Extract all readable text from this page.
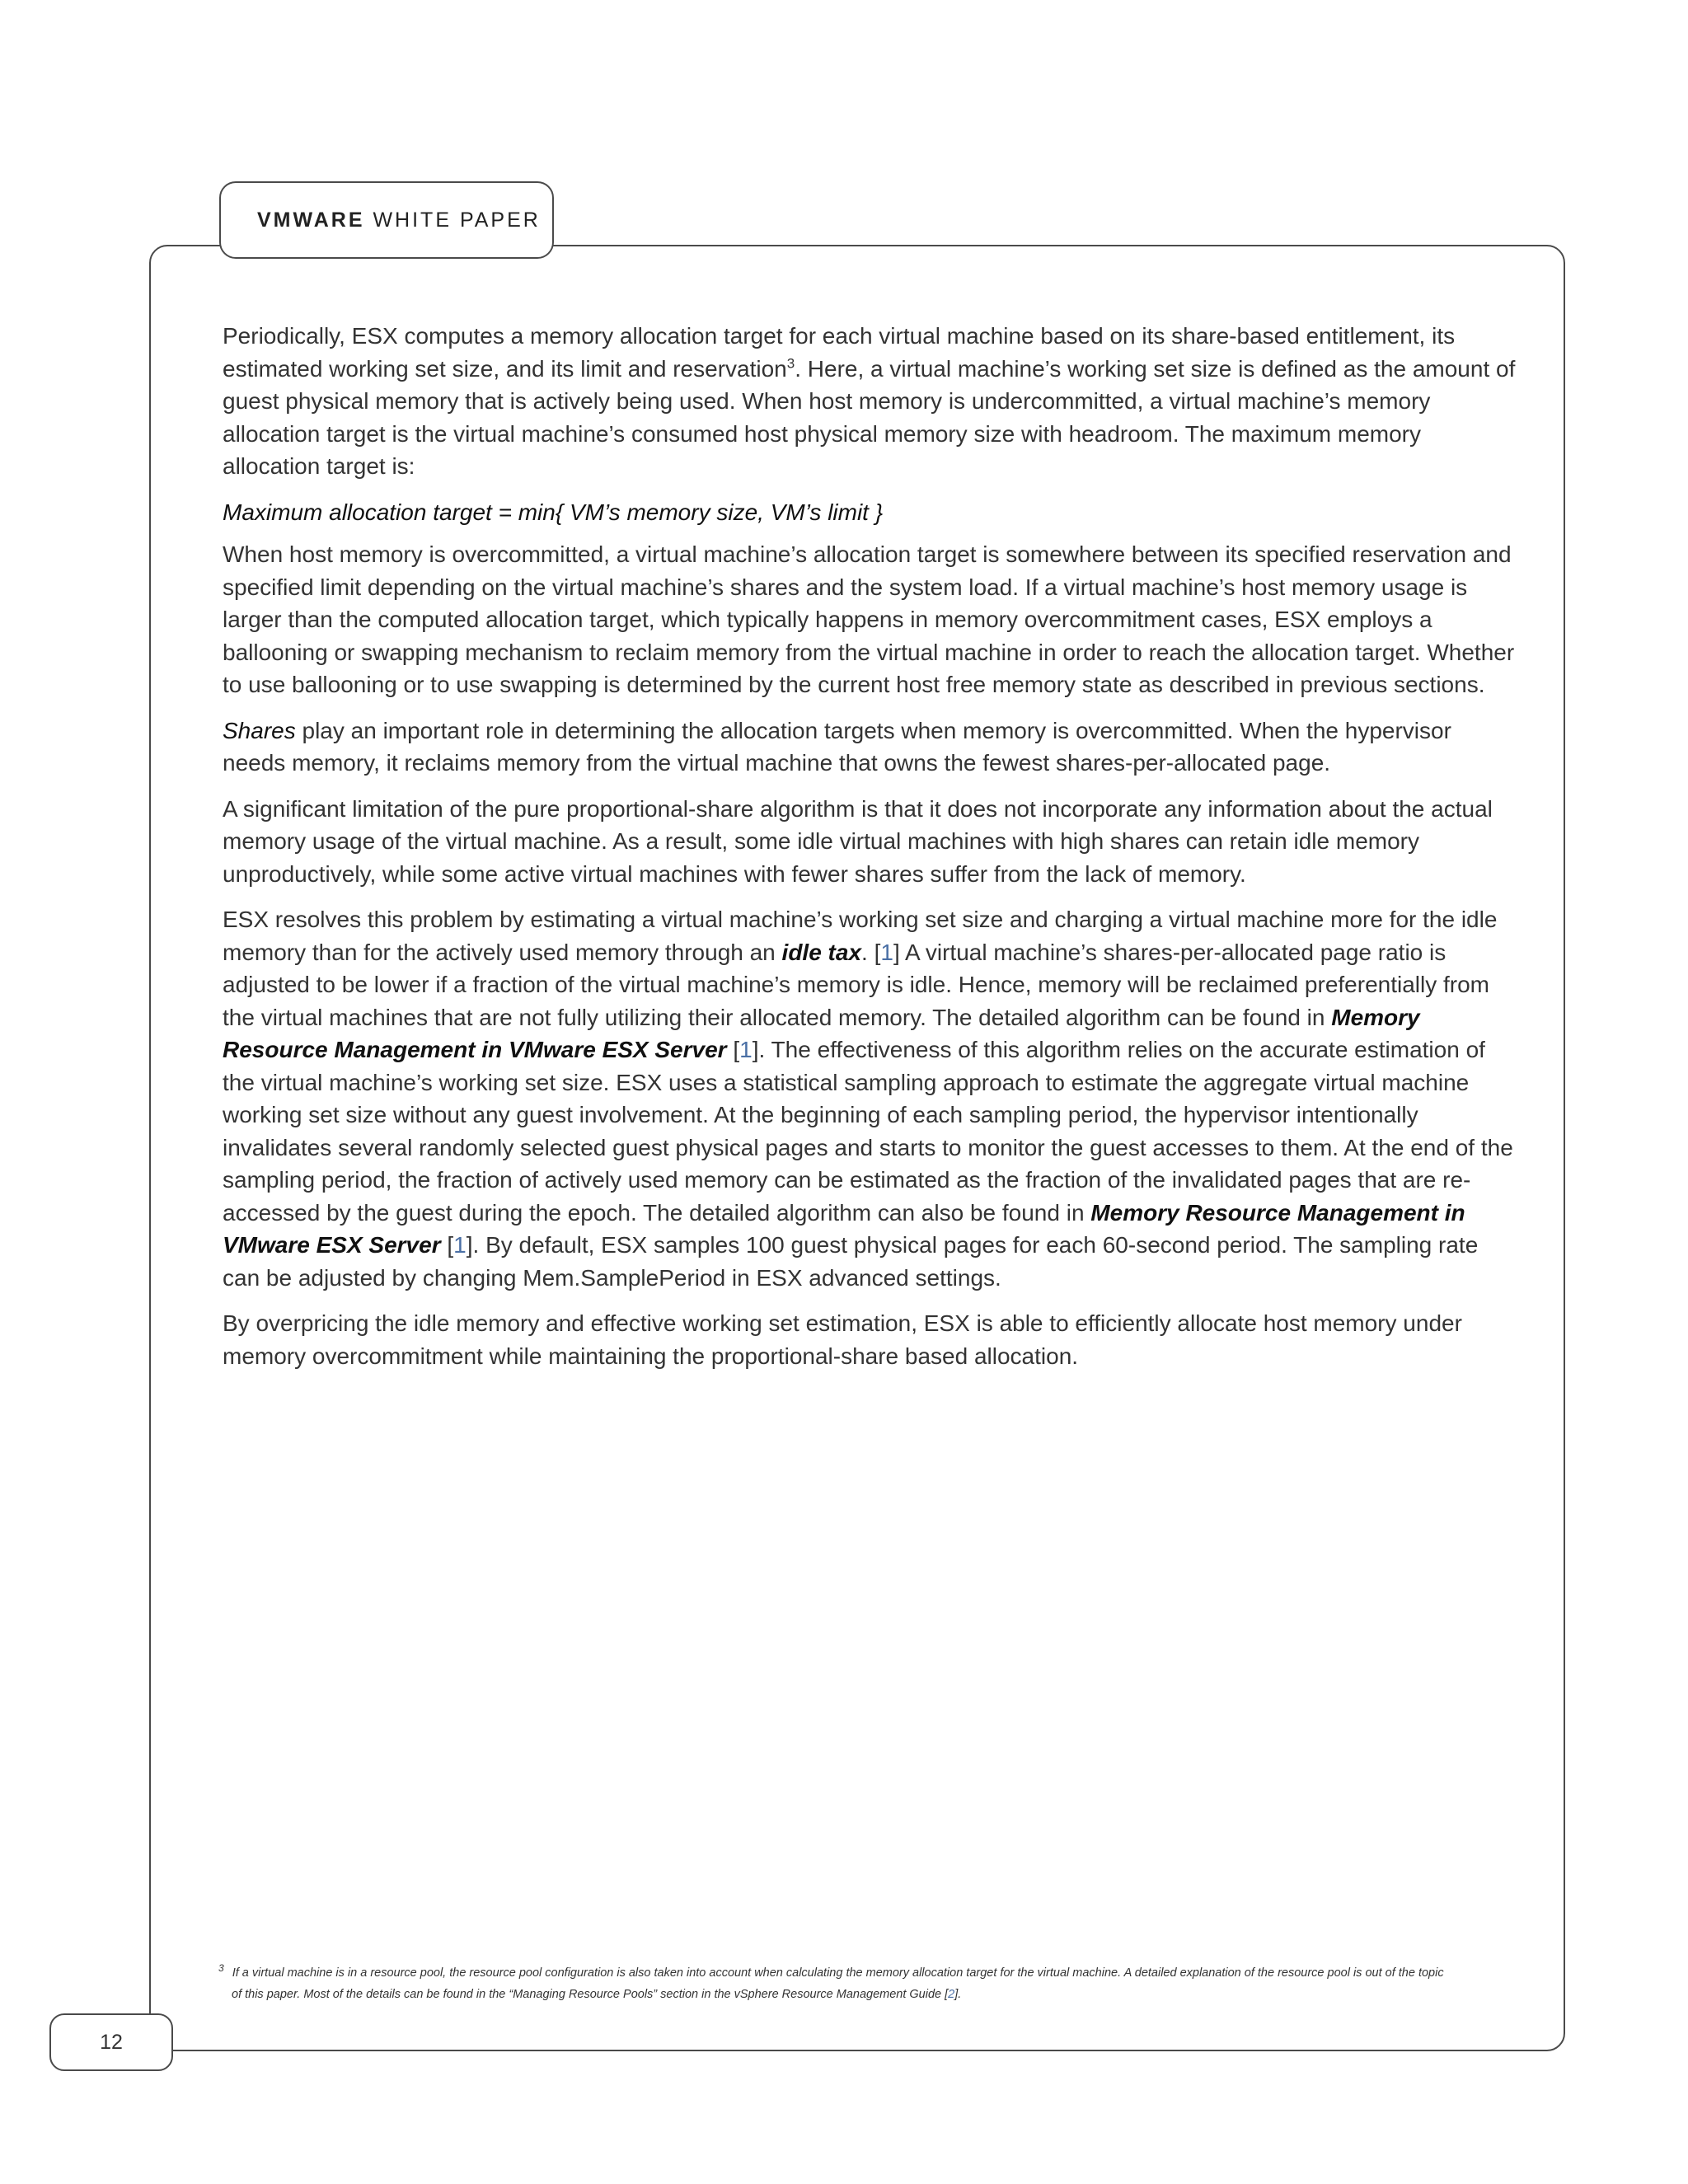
VMWARE WHITE PAPER

Periodically, ESX computes a memory allocation target for each virtual machine based on its share-based entitlement, its estimated working set size, and its limit and reservation$^3$. Here, a virtual machine’s working set size is defined as the amount of guest physical memory that is actively being used. When host memory is undercommitted, a virtual machine’s memory allocation target is the virtual machine’s consumed host physical memory size with headroom. The maximum memory allocation target is:

Maximum allocation target = min{ VM’s memory size, VM’s limit }

When host memory is overcommitted, a virtual machine’s allocation target is somewhere between its specified reservation and specified limit depending on the virtual machine’s shares and the system load. If a virtual machine’s host memory usage is larger than the computed allocation target, which typically happens in memory overcommitment cases, ESX employs a ballooning or swapping mechanism to reclaim memory from the virtual machine in order to reach the allocation target. Whether to use ballooning or to use swapping is determined by the current host free memory state as described in previous sections.

Shares play an important role in determining the allocation targets when memory is overcommitted. When the hypervisor needs memory, it reclaims memory from the virtual machine that owns the fewest shares-per-allocated page.

A significant limitation of the pure proportional-share algorithm is that it does not incorporate any information about the actual memory usage of the virtual machine. As a result, some idle virtual machines with high shares can retain idle memory unproductively, while some active virtual machines with fewer shares suffer from the lack of memory.

ESX resolves this problem by estimating a virtual machine’s working set size and charging a virtual machine more for the idle memory than for the actively used memory through an idle tax. [1] A virtual machine’s shares-per-allocated page ratio is adjusted to be lower if a fraction of the virtual machine’s memory is idle. Hence, memory will be reclaimed preferentially from the virtual machines that are not fully utilizing their allocated memory. The detailed algorithm can be found in Memory Resource Management in VMware ESX Server [1]. The effectiveness of this algorithm relies on the accurate estimation of the virtual machine’s working set size. ESX uses a statistical sampling approach to estimate the aggregate virtual machine working set size without any guest involvement. At the beginning of each sampling period, the hypervisor intentionally invalidates several randomly selected guest physical pages and starts to monitor the guest accesses to them. At the end of the sampling period, the fraction of actively used memory can be estimated as the fraction of the invalidated pages that are re-accessed by the guest during the epoch. The detailed algorithm can also be found in Memory Resource Management in VMware ESX Server [1]. By default, ESX samples 100 guest physical pages for each 60-second period. The sampling rate can be adjusted by changing Mem.SamplePeriod in ESX advanced settings.

By overpricing the idle memory and effective working set estimation, ESX is able to efficiently allocate host memory under memory overcommitment while maintaining the proportional-share based allocation.

$^3$ If a virtual machine is in a resource pool, the resource pool configuration is also taken into account when calculating the memory allocation target for the virtual machine. A detailed explanation of the resource pool is out of the topic
of this paper. Most of the details can be found in the “Managing Resource Pools” section in the vSphere Resource Management Guide [2].
12
